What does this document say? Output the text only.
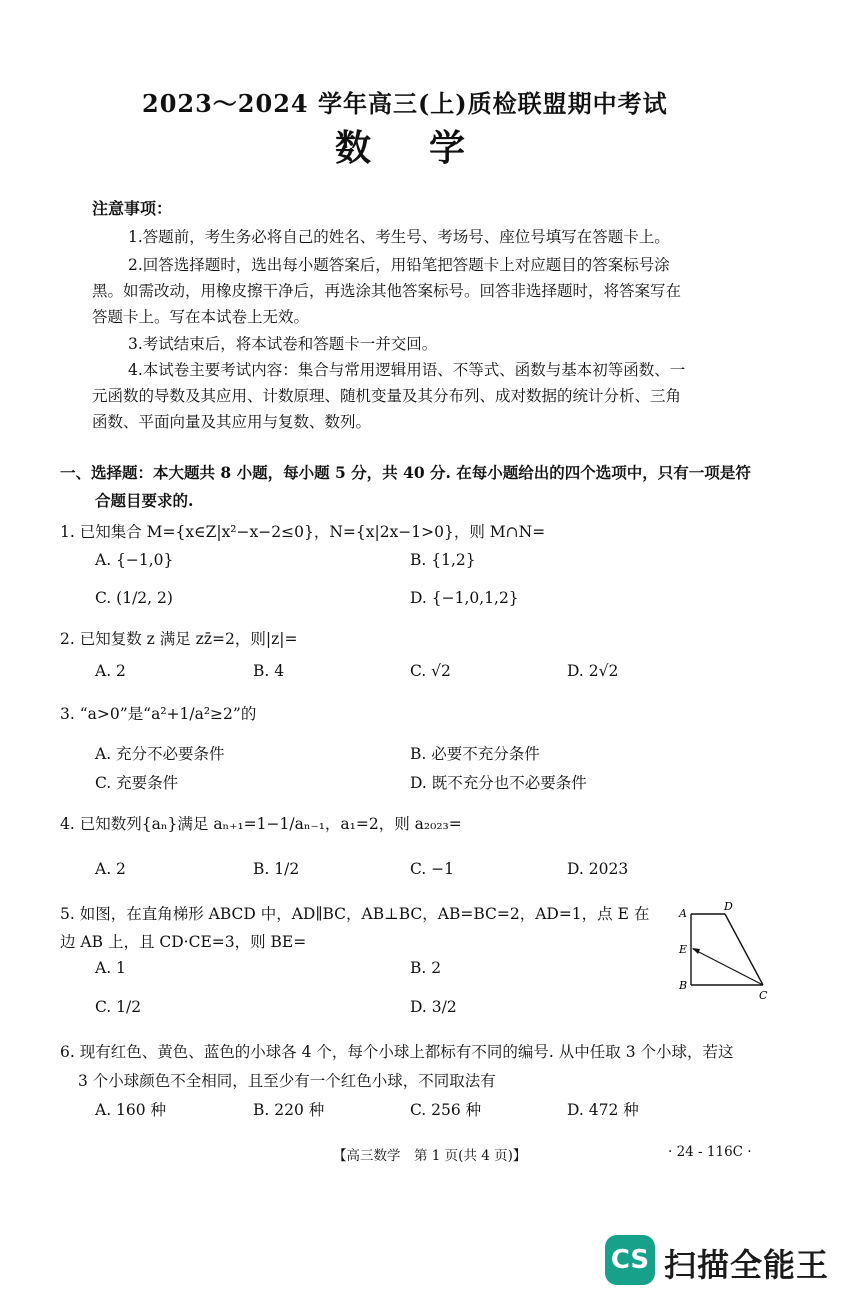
2023～2024 学年高三(上)质检联盟期中考试
数学
注意事项：
1.答题前，考生务必将自己的姓名、考生号、考场号、座位号填写在答题卡上。
2.回答选择题时，选出每小题答案后，用铅笔把答题卡上对应题目的答案标号涂
黑。如需改动，用橡皮擦干净后，再选涂其他答案标号。回答非选择题时，将答案写在
答题卡上。写在本试卷上无效。
3.考试结束后，将本试卷和答题卡一并交回。
4.本试卷主要考试内容：集合与常用逻辑用语、不等式、函数与基本初等函数、一
元函数的导数及其应用、计数原理、随机变量及其分布列、成对数据的统计分析、三角
函数、平面向量及其应用与复数、数列。
一、选择题：本大题共 8 小题，每小题 5 分，共 40 分. 在每小题给出的四个选项中，只有一项是符
合题目要求的.
1. 已知集合 M={x∈Z|x²−x−2≤0}，N={x|2x−1>0}，则 M∩N=
A. {−1,0}	B. {1,2}
C. (1/2, 2)	D. {−1,0,1,2}
2. 已知复数 z 满足 zz̄=2，则|z|=
A. 2	B. 4	C. √2	D. 2√2
3. “a>0”是“a²+1/a²≥2”的
A. 充分不必要条件	B. 必要不充分条件
C. 充要条件	D. 既不充分也不必要条件
4. 已知数列{aₙ}满足 aₙ₊₁=1−1/aₙ₋₁，a₁=2，则 a₂₀₂₃=
A. 2	B. 1/2	C. −1	D. 2023
5. 如图，在直角梯形 ABCD 中，AD∥BC，AB⊥BC，AB=BC=2，AD=1，点 E 在
边 AB 上，且 CD·CE=3，则 BE=
A. 1	B. 2
C. 1/2	D. 3/2
A
D
E
B
C
6. 现有红色、黄色、蓝色的小球各 4 个，每个小球上都标有不同的编号. 从中任取 3 个小球，若这
3 个小球颜色不全相同，且至少有一个红色小球，不同取法有
A. 160 种	B. 220 种	C. 256 种	D. 472 种
【高三数学　第 1 页(共 4 页)】	· 24 - 116C ·
CS 扫描全能王
